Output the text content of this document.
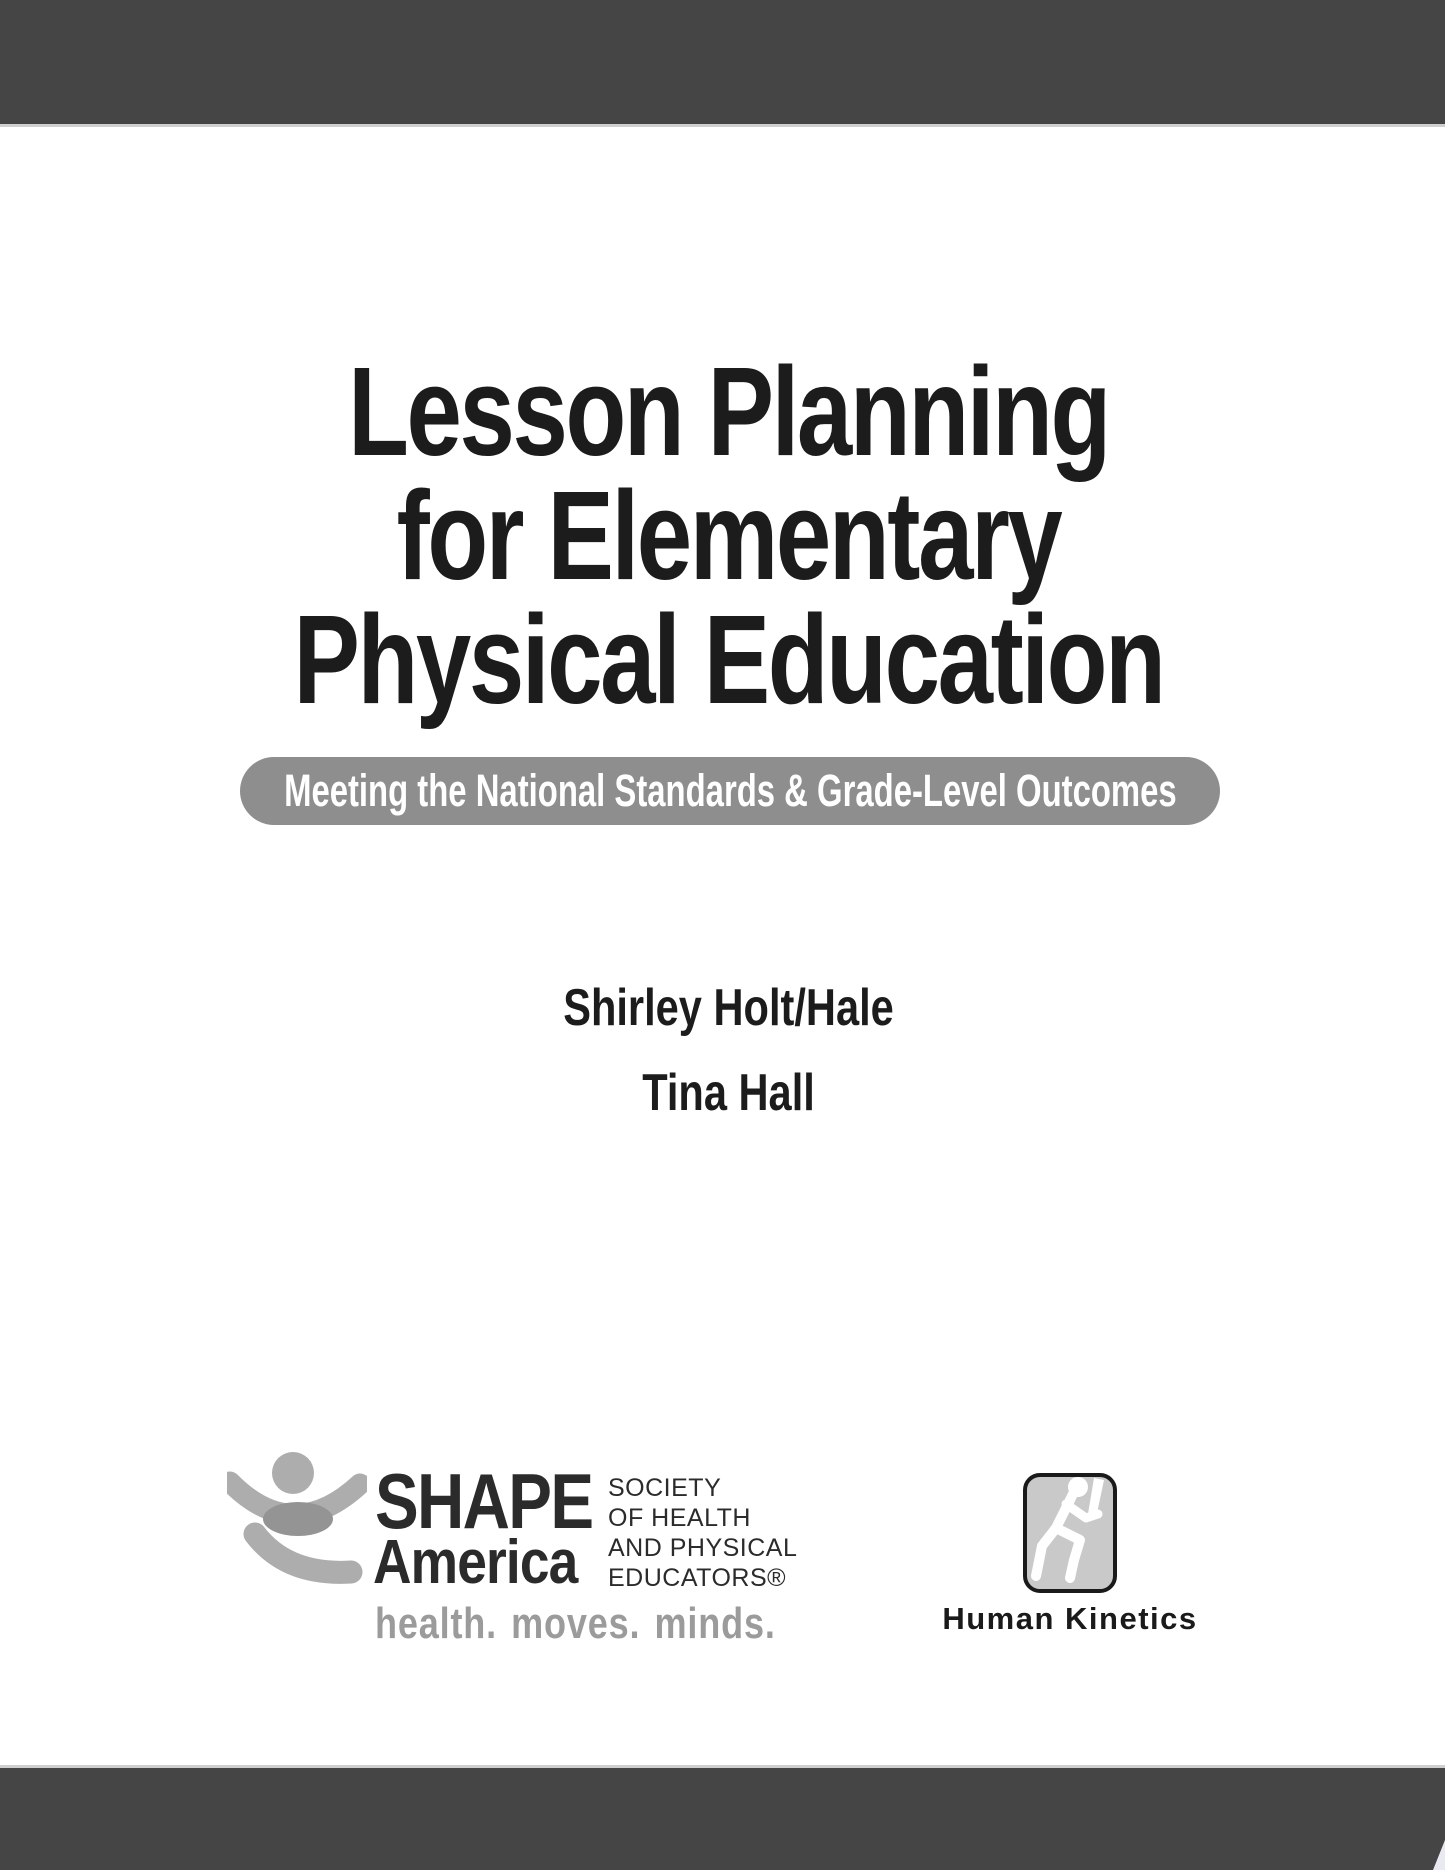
Lesson Planning
for Elementary
Physical Education
Meeting the National Standards & Grade-Level Outcomes
Shirley Holt/Hale
Tina Hall
SHAPE
America
SOCIETY
OF HEALTH
AND PHYSICAL
EDUCATORS®
health. moves. minds.	Human Kinetics
